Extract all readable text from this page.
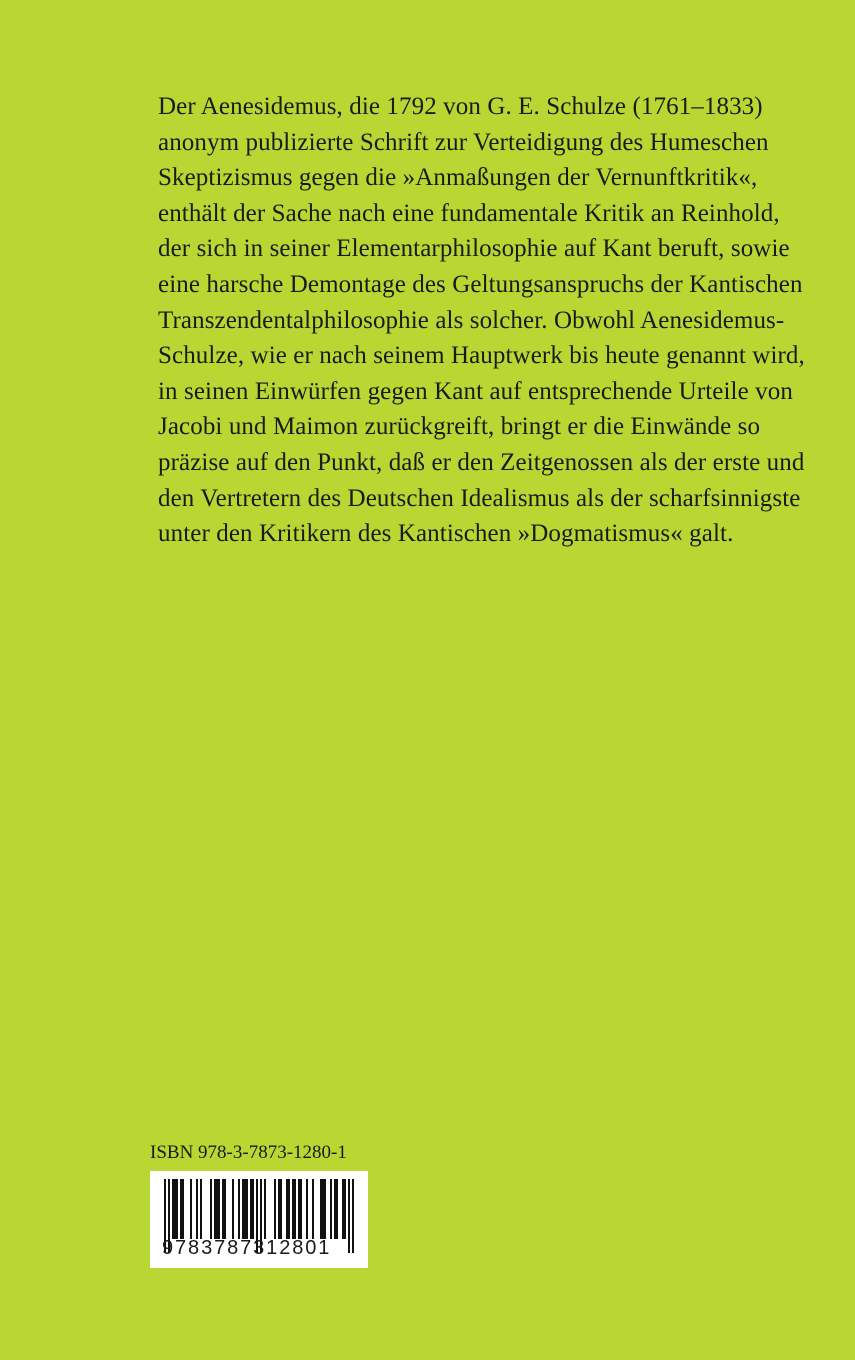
Der Aenesidemus, die 1792 von G. E. Schulze (1761–1833)
anonym publizierte Schrift zur Verteidigung des Humeschen
Skeptizismus gegen die »Anmaßungen der Vernunftkritik«,
enthält der Sache nach eine fundamentale Kritik an Reinhold,
der sich in seiner Elementarphilosophie auf Kant beruft, sowie
eine harsche Demontage des Geltungsanspruchs der Kantischen
Transzendentalphilosophie als solcher. Obwohl Aenesidemus-
Schulze, wie er nach seinem Hauptwerk bis heute genannt wird,
in seinen Einwürfen gegen Kant auf entsprechende Urteile von
Jacobi und Maimon zurückgreift, bringt er die Einwände so
präzise auf den Punkt, daß er den Zeitgenossen als der erste und
den Vertretern des Deutschen Idealismus als der scharfsinnigste
unter den Kritikern des Kantischen »Dogmatismus« galt.
ISBN 978-3-7873-1280-1
9783787312801
